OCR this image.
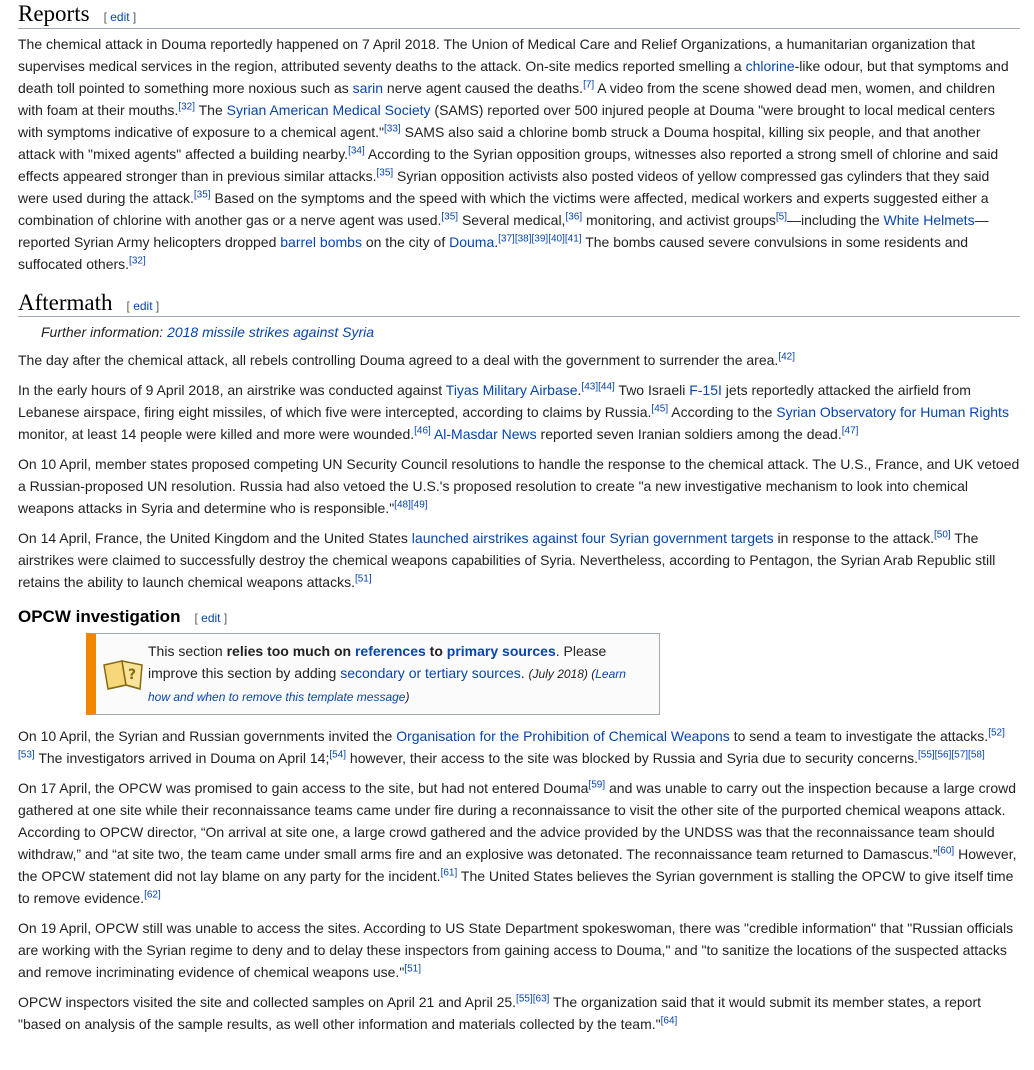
Reports [ edit ]

The chemical attack in Douma reportedly happened on 7 April 2018. The Union of Medical Care and Relief Organizations, a humanitarian organization that supervises medical services in the region, attributed seventy deaths to the attack. On-site medics reported smelling a chlorine-like odour, but that symptoms and death toll pointed to something more noxious such as sarin nerve agent caused the deaths.[7] A video from the scene showed dead men, women, and children with foam at their mouths.[32] The Syrian American Medical Society (SAMS) reported over 500 injured people at Douma "were brought to local medical centers with symptoms indicative of exposure to a chemical agent."[33] SAMS also said a chlorine bomb struck a Douma hospital, killing six people, and that another attack with "mixed agents" affected a building nearby.[34] According to the Syrian opposition groups, witnesses also reported a strong smell of chlorine and said effects appeared stronger than in previous similar attacks.[35] Syrian opposition activists also posted videos of yellow compressed gas cylinders that they said were used during the attack.[35] Based on the symptoms and the speed with which the victims were affected, medical workers and experts suggested either a combination of chlorine with another gas or a nerve agent was used.[35] Several medical,[36] monitoring, and activist groups[5]—including the White Helmets—reported Syrian Army helicopters dropped barrel bombs on the city of Douma.[37][38][39][40][41] The bombs caused severe convulsions in some residents and suffocated others.[32]

Aftermath [ edit ]
Further information: 2018 missile strikes against Syria

The day after the chemical attack, all rebels controlling Douma agreed to a deal with the government to surrender the area.[42]

In the early hours of 9 April 2018, an airstrike was conducted against Tiyas Military Airbase.[43][44] Two Israeli F-15I jets reportedly attacked the airfield from Lebanese airspace, firing eight missiles, of which five were intercepted, according to claims by Russia.[45] According to the Syrian Observatory for Human Rights monitor, at least 14 people were killed and more were wounded.[46] Al-Masdar News reported seven Iranian soldiers among the dead.[47]

On 10 April, member states proposed competing UN Security Council resolutions to handle the response to the chemical attack. The U.S., France, and UK vetoed a Russian-proposed UN resolution. Russia had also vetoed the U.S.'s proposed resolution to create "a new investigative mechanism to look into chemical weapons attacks in Syria and determine who is responsible."[48][49]

On 14 April, France, the United Kingdom and the United States launched airstrikes against four Syrian government targets in response to the attack.[50] The airstrikes were claimed to successfully destroy the chemical weapons capabilities of Syria. Nevertheless, according to Pentagon, the Syrian Arab Republic still retains the ability to launch chemical weapons attacks.[51]

OPCW investigation [ edit ]
?
This section relies too much on references to primary sources. Please improve this section by adding secondary or tertiary sources. (July 2018) (Learn how and when to remove this template message)

On 10 April, the Syrian and Russian governments invited the Organisation for the Prohibition of Chemical Weapons to send a team to investigate the attacks.[52][53] The investigators arrived in Douma on April 14;[54] however, their access to the site was blocked by Russia and Syria due to security concerns.[55][56][57][58]

On 17 April, the OPCW was promised to gain access to the site, but had not entered Douma[59] and was unable to carry out the inspection because a large crowd gathered at one site while their reconnaissance teams came under fire during a reconnaissance to visit the other site of the purported chemical weapons attack. According to OPCW director, “On arrival at site one, a large crowd gathered and the advice provided by the UNDSS was that the reconnaissance team should withdraw,” and “at site two, the team came under small arms fire and an explosive was detonated. The reconnaissance team returned to Damascus.”[60] However, the OPCW statement did not lay blame on any party for the incident.[61] The United States believes the Syrian government is stalling the OPCW to give itself time to remove evidence.[62]

On 19 April, OPCW still was unable to access the sites. According to US State Department spokeswoman, there was "credible information" that "Russian officials are working with the Syrian regime to deny and to delay these inspectors from gaining access to Douma," and "to sanitize the locations of the suspected attacks and remove incriminating evidence of chemical weapons use."[51]

OPCW inspectors visited the site and collected samples on April 21 and April 25.[55][63] The organization said that it would submit its member states, a report "based on analysis of the sample results, as well other information and materials collected by the team."[64]
